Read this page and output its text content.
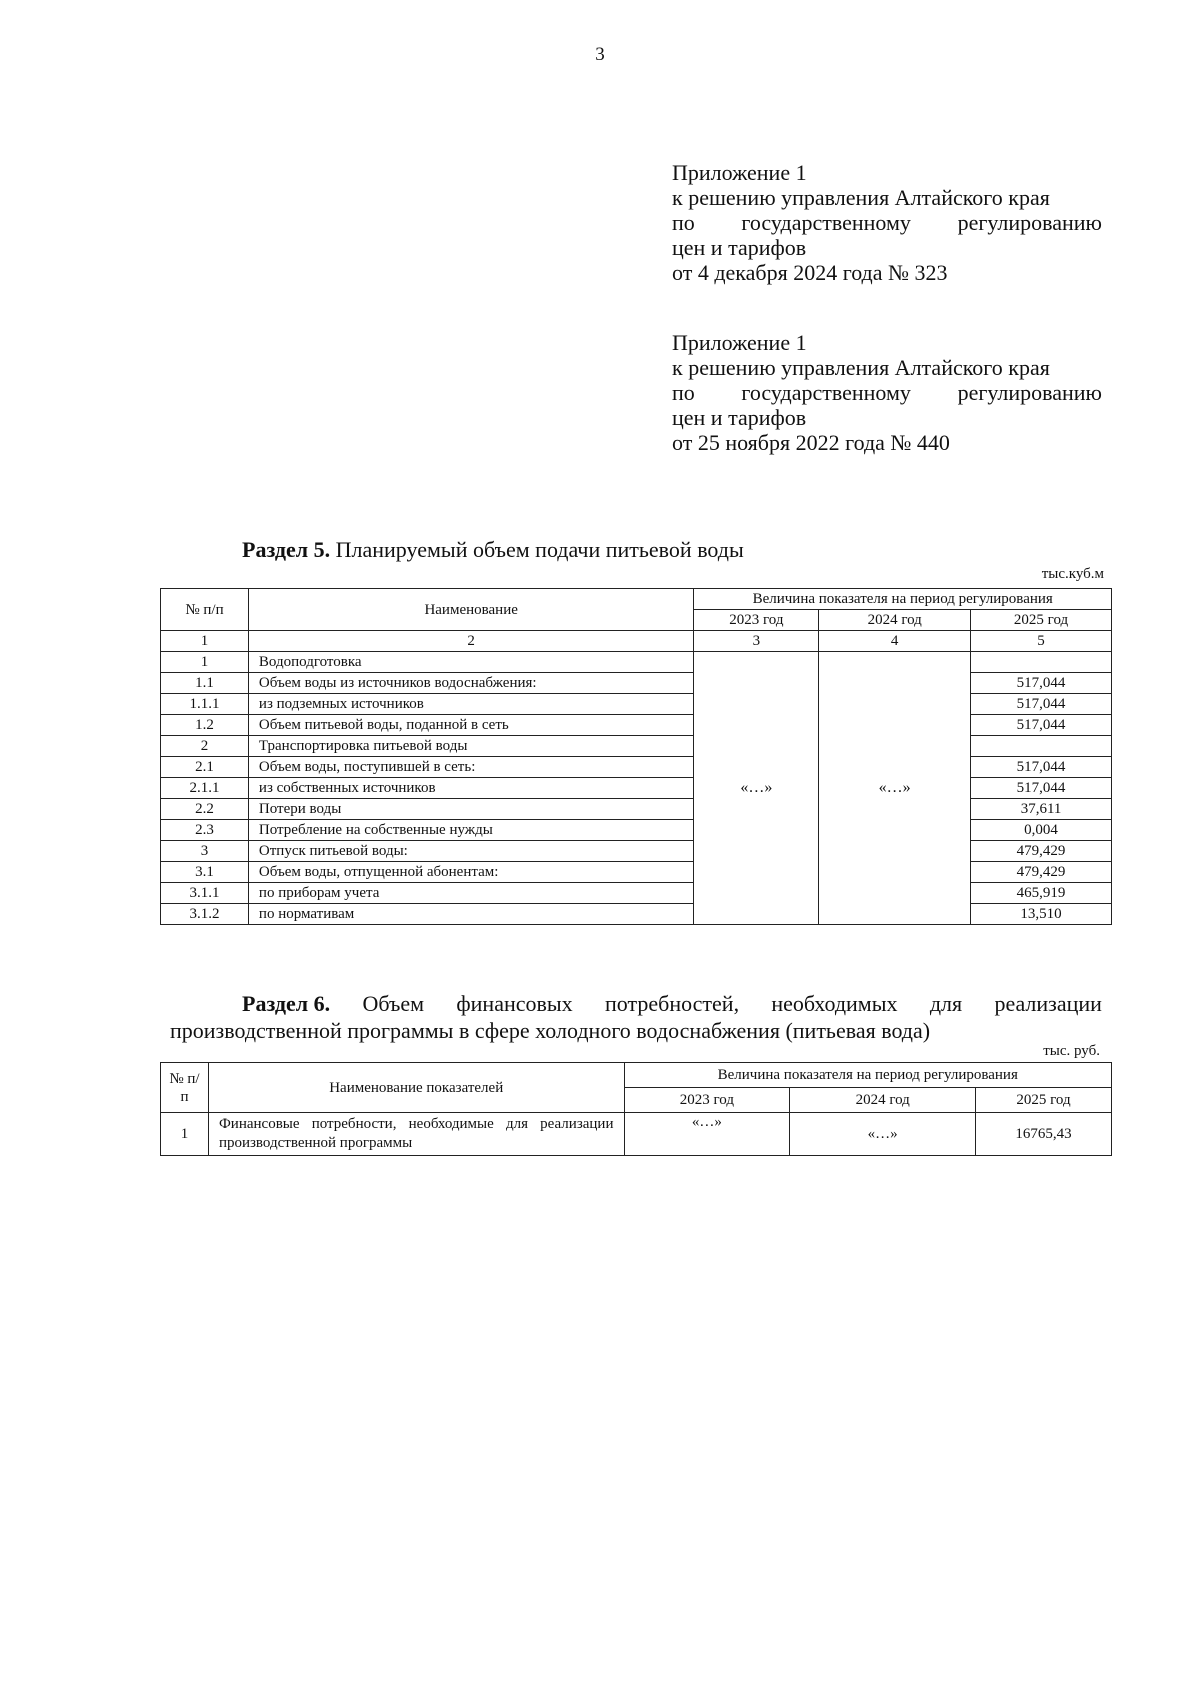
3
Приложение 1
к решению управления Алтайского края
по государственному регулированию
цен и тарифов
от 4 декабря 2024 года № 323
Приложение 1
к решению управления Алтайского края
по государственному регулированию
цен и тарифов
от 25 ноября 2022 года № 440
Раздел 5. Планируемый объем подачи питьевой воды
тыс.куб.м
№ п/п	Наименование	Величина показателя на период регулирования		
		2023 год	2024 год	2025 год
1	2	3	4	5
1	Водоподготовка	«…»	«…»	
1.1	Объем воды из источников водоснабжения:			517,044
1.1.1	из подземных источников			517,044
1.2	Объем питьевой воды, поданной в сеть			517,044
2	Транспортировка питьевой воды			
2.1	Объем воды, поступившей в сеть:			517,044
2.1.1	из собственных источников			517,044
2.2	Потери воды			37,611
2.3	Потребление на собственные нужды			0,004
3	Отпуск питьевой воды:			479,429
3.1	Объем воды, отпущенной абонентам:			479,429
3.1.1	по приборам учета			465,919
3.1.2	по нормативам			13,510
Раздел 6. Объем финансовых потребностей, необходимых для реализации
производственной программы в сфере холодного водоснабжения (питьевая вода)
тыс. руб.
№ п/п	Наименование показателей	Величина показателя на период регулирования		
		2023 год	2024 год	2025 год
1	Финансовые потребности, необходимые для реализации производственной программы	«…»	«…»	16765,43
